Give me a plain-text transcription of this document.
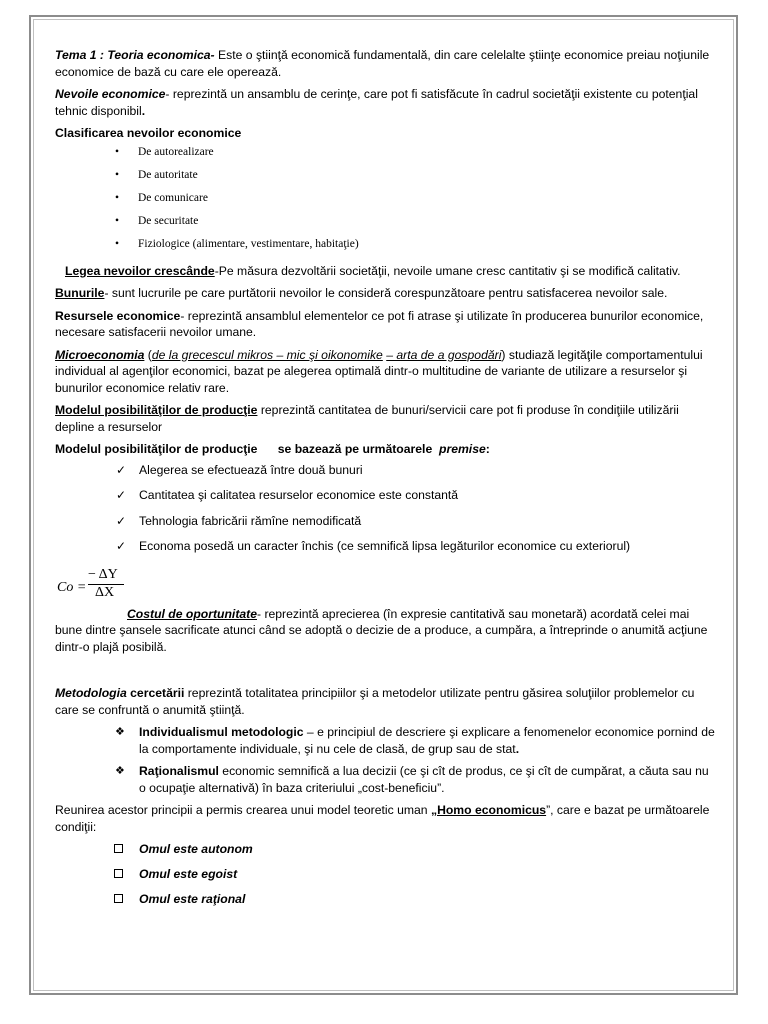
Tema 1 : Teoria economica- Este o ştiinţă economică fundamentală, din care celelalte ştiinţe economice preiau noţiunile economice de bază cu care ele operează.

Nevoile economice- reprezintă un ansamblu de cerinţe, care pot fi satisfăcute în cadrul societăţii existente cu potenţial tehnic disponibil.

Clasificarea nevoilor economice

• De autorealizare
• De autoritate
• De comunicare
• De securitate
• Fiziologice (alimentare, vestimentare, habitaţie)

Legea nevoilor crescânde-Pe măsura dezvoltării societăţii, nevoile umane cresc cantitativ şi se modifică calitativ.

Bunurile- sunt lucrurile pe care purtătorii nevoilor le consideră corespunzătoare pentru satisfacerea nevoilor sale.

Resursele economice- reprezintă ansamblul elementelor ce pot fi atrase şi utilizate în producerea bunurilor economice, necesare satisfacerii nevoilor umane.

Microeconomia (de la grecescul mikros – mic şi oikonomike – arta de a gospodări) studiază legităţile comportamentului individual al agenţilor economici, bazat pe alegerea optimală dintr-o multitudine de variante de utilizare a resurselor şi bunurilor economice relativ rare.

Modelul posibilităţilor de producţie reprezintă cantitatea de bunuri/servicii care pot fi produse în condiţiile utilizării depline a resurselor

Modelul posibilităţilor de producţie      se bazează pe următoarele  premise:

✓ Alegerea se efectuează între două bunuri
✓ Cantitatea şi calitatea resurselor economice este constantă
✓ Tehnologia fabricării rămîne nemodificată
✓ Economa posedă un caracter închis (ce semnifică lipsa legăturilor economice cu exteriorul)
Co =
− ΔY
ΔX

Costul de oportunitate- reprezintă aprecierea (în expresie cantitativă sau monetară) acordată celei mai bune dintre şansele sacrificate atunci când se adoptă o decizie de a produce, a cumpăra, a întreprinde o anumită acţiune dintr-o plajă posibilă.

Metodologia cercetării reprezintă totalitatea principiilor şi a metodelor utilizate pentru găsirea soluţiilor problemelor cu care se confruntă o anumită ştiinţă.

❖ Individualismul metodologic – e principiul de descriere şi explicare a fenomenelor economice pornind de la comportamente individuale, şi nu cele de clasă, de grup sau de stat.
❖ Raţionalismul economic semnifică a lua decizii (ce şi cît de produs, ce şi cît de cumpărat, a căuta sau nu o ocupaţie alternativă) în baza criteriului „cost-beneficiu”.

Reunirea acestor principii a permis crearea unui model teoretic uman „Homo economicus”, care e bazat pe următoarele condiţii:

Omul este autonom
Omul este egoist
Omul este raţional
